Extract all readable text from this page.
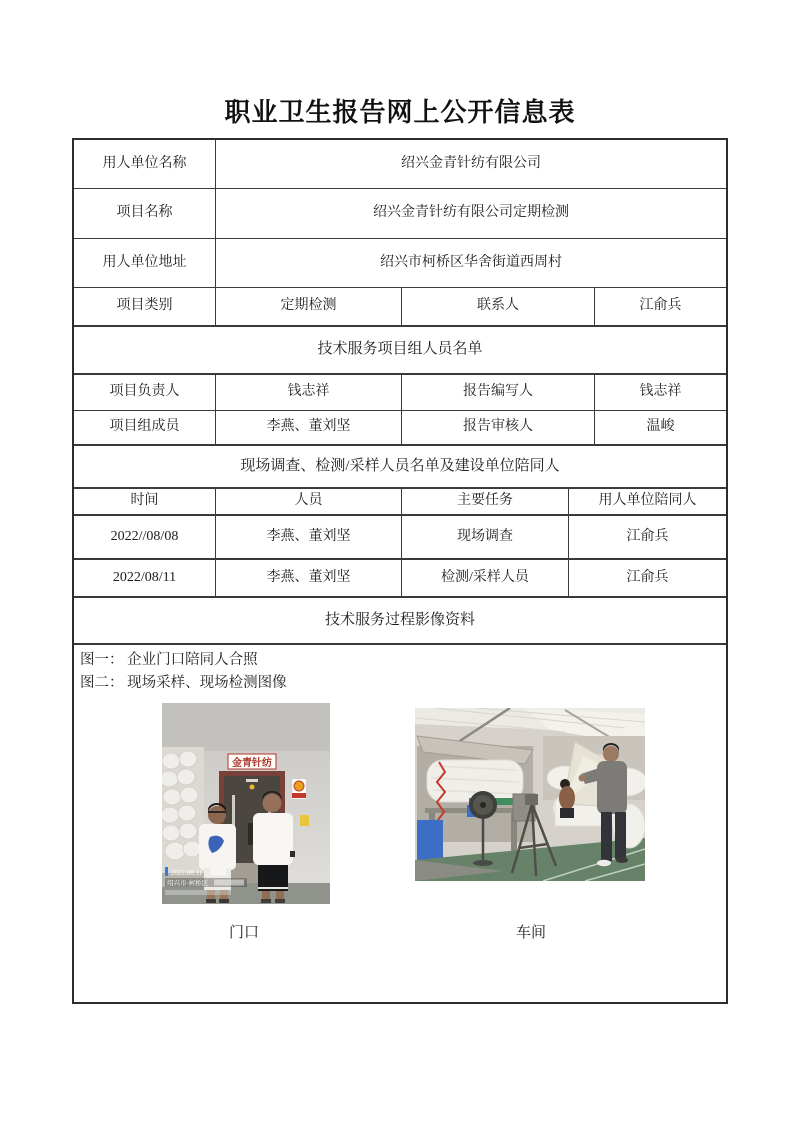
职业卫生报告网上公开信息表
用人单位名称	绍兴金青针纺有限公司
项目名称	绍兴金青针纺有限公司定期检测
用人单位地址	绍兴市柯桥区华舍街道西周村
项目类别	定期检测	联系人	江俞兵
技术服务项目组人员名单
项目负责人	钱志祥	报告编写人	钱志祥
项目组成员	李燕、董刘坚	报告审核人	温峻
现场调查、检测/采样人员名单及建设单位陪同人
时间	人员	主要任务	用人单位陪同人
2022//08/08	李燕、董刘坚	现场调查	江俞兵
2022/08/11	李燕、董刘坚	检测/采样人员	江俞兵
技术服务过程影像资料
图一： 企业门口陪同人合照
图二： 现场采样、现场检测图像
金青针纺
2022.08.11
绍兴市·柯桥区
门口	车间
